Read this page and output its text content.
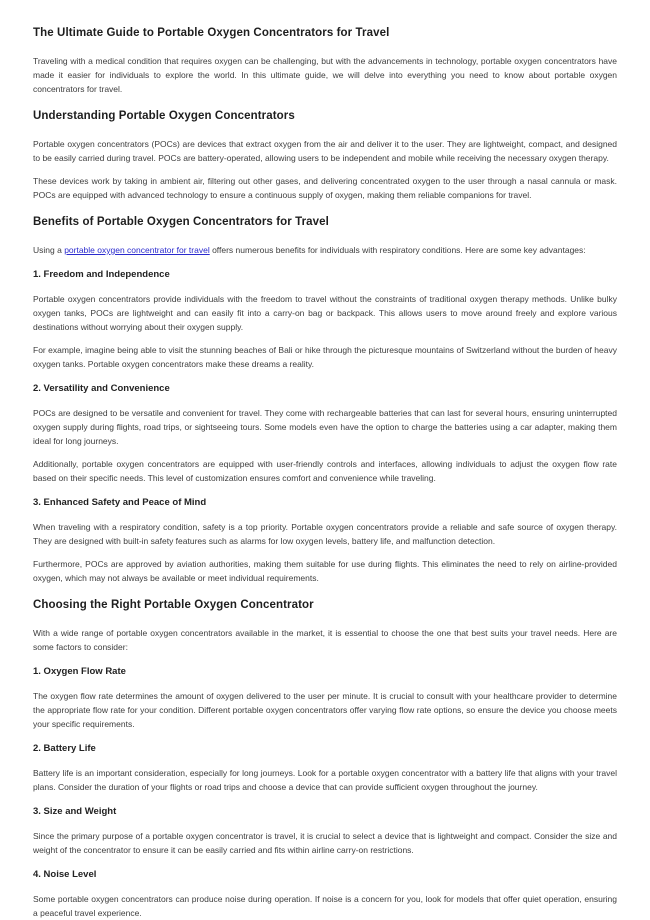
The Ultimate Guide to Portable Oxygen Concentrators for Travel

Traveling with a medical condition that requires oxygen can be challenging, but with the advancements in technology, portable oxygen concentrators have made it easier for individuals to explore the world. In this ultimate guide, we will delve into everything you need to know about portable oxygen concentrators for travel.

Understanding Portable Oxygen Concentrators

Portable oxygen concentrators (POCs) are devices that extract oxygen from the air and deliver it to the user. They are lightweight, compact, and designed to be easily carried during travel. POCs are battery-operated, allowing users to be independent and mobile while receiving the necessary oxygen therapy.

These devices work by taking in ambient air, filtering out other gases, and delivering concentrated oxygen to the user through a nasal cannula or mask. POCs are equipped with advanced technology to ensure a continuous supply of oxygen, making them reliable companions for travel.

Benefits of Portable Oxygen Concentrators for Travel

Using a portable oxygen concentrator for travel offers numerous benefits for individuals with respiratory conditions. Here are some key advantages:

1. Freedom and Independence

Portable oxygen concentrators provide individuals with the freedom to travel without the constraints of traditional oxygen therapy methods. Unlike bulky oxygen tanks, POCs are lightweight and can easily fit into a carry-on bag or backpack. This allows users to move around freely and explore various destinations without worrying about their oxygen supply.

For example, imagine being able to visit the stunning beaches of Bali or hike through the picturesque mountains of Switzerland without the burden of heavy oxygen tanks. Portable oxygen concentrators make these dreams a reality.

2. Versatility and Convenience

POCs are designed to be versatile and convenient for travel. They come with rechargeable batteries that can last for several hours, ensuring uninterrupted oxygen supply during flights, road trips, or sightseeing tours. Some models even have the option to charge the batteries using a car adapter, making them ideal for long journeys.

Additionally, portable oxygen concentrators are equipped with user-friendly controls and interfaces, allowing individuals to adjust the oxygen flow rate based on their specific needs. This level of customization ensures comfort and convenience while traveling.

3. Enhanced Safety and Peace of Mind

When traveling with a respiratory condition, safety is a top priority. Portable oxygen concentrators provide a reliable and safe source of oxygen therapy. They are designed with built-in safety features such as alarms for low oxygen levels, battery life, and malfunction detection.

Furthermore, POCs are approved by aviation authorities, making them suitable for use during flights. This eliminates the need to rely on airline-provided oxygen, which may not always be available or meet individual requirements.

Choosing the Right Portable Oxygen Concentrator

With a wide range of portable oxygen concentrators available in the market, it is essential to choose the one that best suits your travel needs. Here are some factors to consider:

1. Oxygen Flow Rate

The oxygen flow rate determines the amount of oxygen delivered to the user per minute. It is crucial to consult with your healthcare provider to determine the appropriate flow rate for your condition. Different portable oxygen concentrators offer varying flow rate options, so ensure the device you choose meets your specific requirements.

2. Battery Life

Battery life is an important consideration, especially for long journeys. Look for a portable oxygen concentrator with a battery life that aligns with your travel plans. Consider the duration of your flights or road trips and choose a device that can provide sufficient oxygen throughout the journey.

3. Size and Weight

Since the primary purpose of a portable oxygen concentrator is travel, it is crucial to select a device that is lightweight and compact. Consider the size and weight of the concentrator to ensure it can be easily carried and fits within airline carry-on restrictions.

4. Noise Level

Some portable oxygen concentrators can produce noise during operation. If noise is a concern for you, look for models that offer quiet operation, ensuring a peaceful travel experience.
